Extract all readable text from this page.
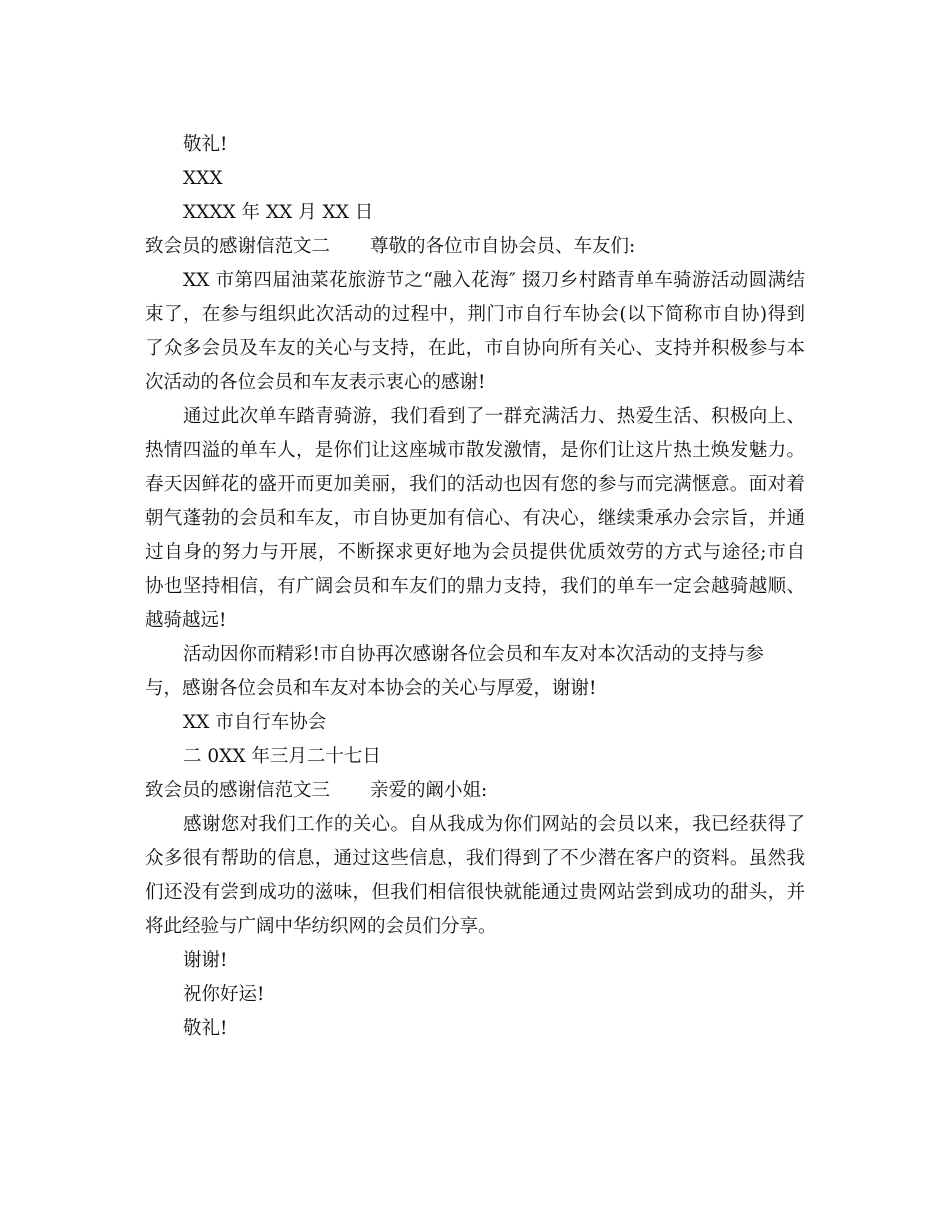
敬礼!

XXX

XXXX 年 XX 月 XX 日

致会员的感谢信范文二 尊敬的各位市自协会员、车友们:

XX 市第四届油菜花旅游节之“融入花海″ 掇刀乡村踏青单车骑游活动圆满结

束了，在参与组织此次活动的过程中，荆门市自行车协会(以下简称市自协)得到

了众多会员及车友的关心与支持，在此，市自协向所有关心、支持并积极参与本

次活动的各位会员和车友表示衷心的感谢!

通过此次单车踏青骑游，我们看到了一群充满活力、热爱生活、积极向上、

热情四溢的单车人，是你们让这座城市散发激情，是你们让这片热土焕发魅力。

春天因鲜花的盛开而更加美丽，我们的活动也因有您的参与而完满惬意。面对着

朝气蓬勃的会员和车友，市自协更加有信心、有决心，继续秉承办会宗旨，并通

过自身的努力与开展，不断探求更好地为会员提供优质效劳的方式与途径;市自

协也坚持相信，有广阔会员和车友们的鼎力支持，我们的单车一定会越骑越顺、

越骑越远!

活动因你而精彩!市自协再次感谢各位会员和车友对本次活动的支持与参

与，感谢各位会员和车友对本协会的关心与厚爱，谢谢!

XX 市自行车协会

二 0XX 年三月二十七日

致会员的感谢信范文三 亲爱的阚小姐:

感谢您对我们工作的关心。自从我成为你们网站的会员以来，我已经获得了

众多很有帮助的信息，通过这些信息，我们得到了不少潜在客户的资料。虽然我

们还没有尝到成功的滋味，但我们相信很快就能通过贵网站尝到成功的甜头，并

将此经验与广阔中华纺织网的会员们分享。

谢谢!

祝你好运!

敬礼!
